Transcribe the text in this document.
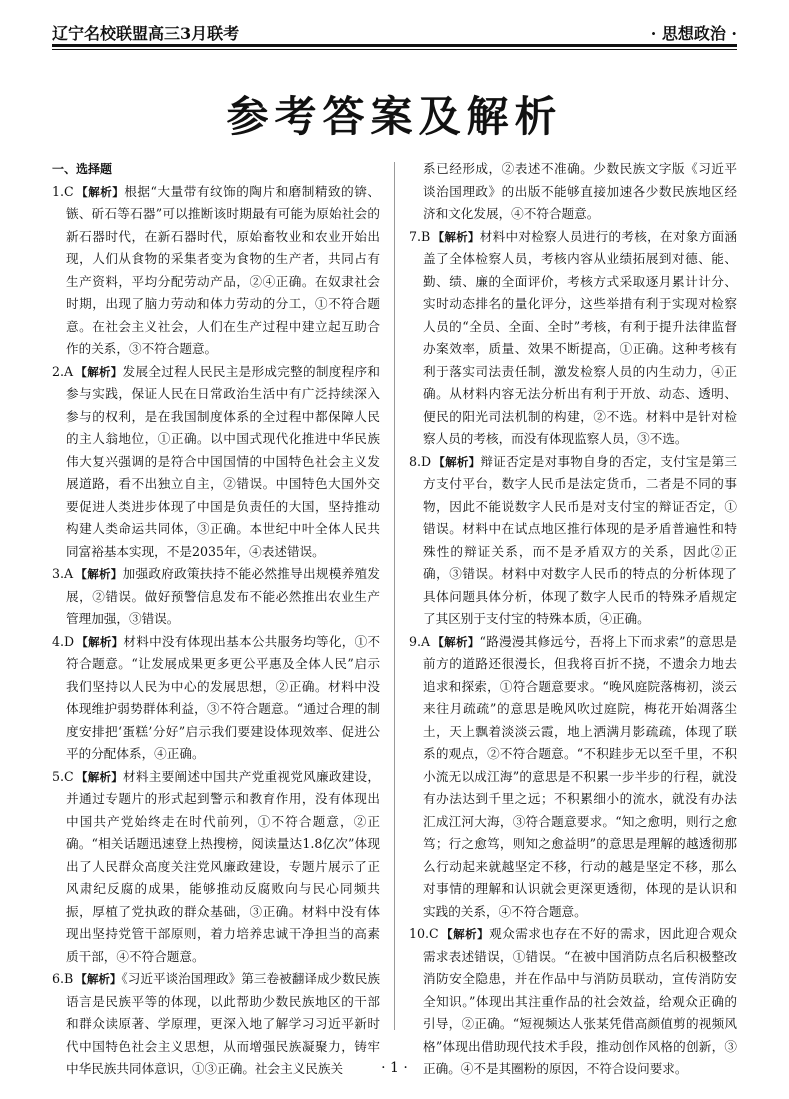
辽宁名校联盟高三3月联考	· 思想政治 ·
参考答案及解析
一、选择题

1.C 【解析】根据“大量带有纹饰的陶片和磨制精致的锛、镞、斫石等石器”可以推断该时期最有可能为原始社会的新石器时代，在新石器时代，原始畜牧业和农业开始出现，人们从食物的采集者变为食物的生产者，共同占有生产资料，平均分配劳动产品，②④正确。在奴隶社会时期，出现了脑力劳动和体力劳动的分工，①不符合题意。在社会主义社会，人们在生产过程中建立起互助合作的关系，③不符合题意。

2.A 【解析】发展全过程人民民主是形成完整的制度程序和参与实践，保证人民在日常政治生活中有广泛持续深入参与的权利，是在我国制度体系的全过程中都保障人民的主人翁地位，①正确。以中国式现代化推进中华民族伟大复兴强调的是符合中国国情的中国特色社会主义发展道路，看不出独立自主，②错误。中国特色大国外交要促进人类进步体现了中国是负责任的大国，坚持推动构建人类命运共同体，③正确。本世纪中叶全体人民共同富裕基本实现，不是2035年，④表述错误。

3.A 【解析】加强政府政策扶持不能必然推导出规模养殖发展，②错误。做好预警信息发布不能必然推出农业生产管理加强，③错误。

4.D 【解析】材料中没有体现出基本公共服务均等化，①不符合题意。“让发展成果更多更公平惠及全体人民”启示我们坚持以人民为中心的发展思想，②正确。材料中没体现维护弱势群体利益，③不符合题意。“通过合理的制度安排把‘蛋糕’分好”启示我们要建设体现效率、促进公平的分配体系，④正确。

5.C 【解析】材料主要阐述中国共产党重视党风廉政建设，并通过专题片的形式起到警示和教育作用，没有体现出中国共产党始终走在时代前列，①不符合题意，②正确。“相关话题迅速登上热搜榜，阅读量达1.8亿次”体现出了人民群众高度关注党风廉政建设，专题片展示了正风肃纪反腐的成果，能够推动反腐败向与民心同频共振，厚植了党执政的群众基础，③正确。材料中没有体现出坚持党管干部原则，着力培养忠诚干净担当的高素质干部，④不符合题意。

6.B 【解析】《习近平谈治国理政》第三卷被翻译成少数民族语言是民族平等的体现，以此帮助少数民族地区的干部和群众读原著、学原理，更深入地了解学习习近平新时代中国特色社会主义思想，从而增强民族凝聚力，铸牢中华民族共同体意识，①③正确。社会主义民族关

系已经形成，②表述不准确。少数民族文字版《习近平谈治国理政》的出版不能够直接加速各少数民族地区经济和文化发展，④不符合题意。

7.B 【解析】材料中对检察人员进行的考核，在对象方面涵盖了全体检察人员，考核内容从业绩拓展到对德、能、勤、绩、廉的全面评价，考核方式采取逐月累计计分、实时动态排名的量化评分，这些举措有利于实现对检察人员的“全员、全面、全时”考核，有利于提升法律监督办案效率，质量、效果不断提高，①正确。这种考核有利于落实司法责任制，激发检察人员的内生动力，④正确。从材料内容无法分析出有利于开放、动态、透明、便民的阳光司法机制的构建，②不选。材料中是针对检察人员的考核，而没有体现监察人员，③不选。

8.D 【解析】辩证否定是对事物自身的否定，支付宝是第三方支付平台，数字人民币是法定货币，二者是不同的事物，因此不能说数字人民币是对支付宝的辩证否定，①错误。材料中在试点地区推行体现的是矛盾普遍性和特殊性的辩证关系，而不是矛盾双方的关系，因此②正确，③错误。材料中对数字人民币的特点的分析体现了具体问题具体分析，体现了数字人民币的特殊矛盾规定了其区别于支付宝的特殊本质，④正确。

9.A 【解析】“路漫漫其修远兮，吾将上下而求索”的意思是前方的道路还很漫长，但我将百折不挠，不遗余力地去追求和探索，①符合题意要求。“晚风庭院落梅初，淡云来往月疏疏”的意思是晚风吹过庭院，梅花开始凋落尘土，天上飘着淡淡云霞，地上洒满月影疏疏，体现了联系的观点，②不符合题意。“不积跬步无以至千里，不积小流无以成江海”的意思是不积累一步半步的行程，就没有办法达到千里之远；不积累细小的流水，就没有办法汇成江河大海，③符合题意要求。“知之愈明，则行之愈笃；行之愈笃，则知之愈益明”的意思是理解的越透彻那么行动起来就越坚定不移，行动的越是坚定不移，那么对事情的理解和认识就会更深更透彻，体现的是认识和实践的关系，④不符合题意。

10.C 【解析】观众需求也存在不好的需求，因此迎合观众需求表述错误，①错误。“在被中国消防点名后积极整改消防安全隐患，并在作品中与消防员联动，宣传消防安全知识。”体现出其注重作品的社会效益，给观众正确的引导，②正确。“短视频达人张某凭借高颜值剪的视频风格”体现出借助现代技术手段，推动创作风格的创新，③正确。④不是其圈粉的原因，不符合设问要求。

· 1 ·
